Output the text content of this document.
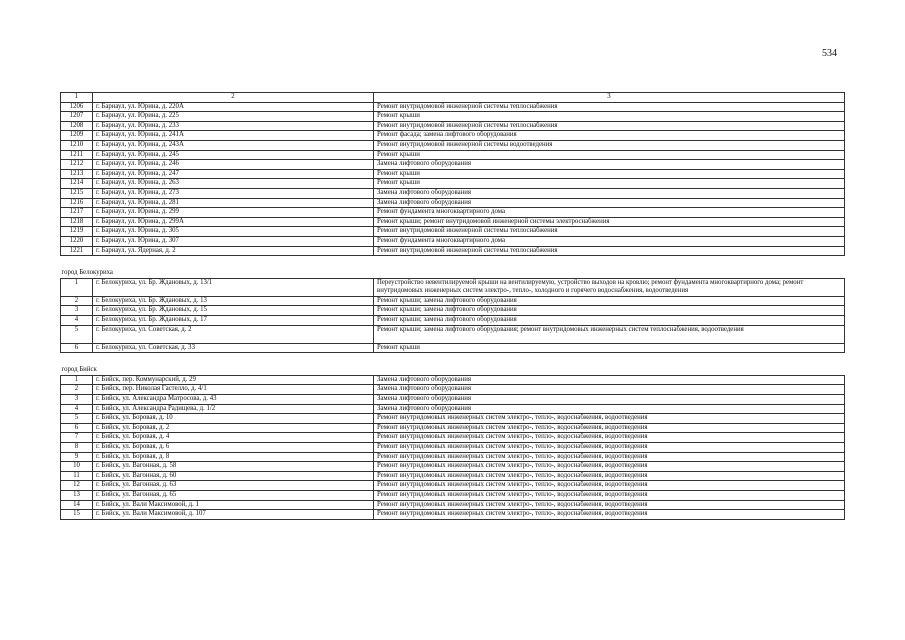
534
1	2	3
1206	г. Барнаул, ул. Юрина, д. 220А	Ремонт внутридомовой инженерной системы теплоснабжения
1207	г. Барнаул, ул. Юрина, д. 225	Ремонт крыши
1208	г. Барнаул, ул. Юрина, д. 233	Ремонт внутридомовой инженерной системы теплоснабжения
1209	г. Барнаул, ул. Юрина, д. 241А	Ремонт фасада; замена лифтового оборудования
1210	г. Барнаул, ул. Юрина, д. 243А	Ремонт внутридомовой инженерной системы водоотведения
1211	г. Барнаул, ул. Юрина, д. 245	Ремонт крыши
1212	г. Барнаул, ул. Юрина, д. 246	Замена лифтового оборудования
1213	г. Барнаул, ул. Юрина, д. 247	Ремонт крыши
1214	г. Барнаул, ул. Юрина, д. 263	Ремонт крыши
1215	г. Барнаул, ул. Юрина, д. 273	Замена лифтового оборудования
1216	г. Барнаул, ул. Юрина, д. 281	Замена лифтового оборудования
1217	г. Барнаул, ул. Юрина, д. 299	Ремонт фундамента многоквартирного дома
1218	г. Барнаул, ул. Юрина, д. 299А	Ремонт крыши; ремонт внутридомовой инженерной системы электроснабжения
1219	г. Барнаул, ул. Юрина, д. 305	Ремонт внутридомовой инженерной системы теплоснабжения
1220	г. Барнаул, ул. Юрина, д. 307	Ремонт фундамента многоквартирного дома
1221	г. Барнаул, ул. Ядерная, д. 2	Ремонт внутридомовой инженерной системы теплоснабжения
город Белокуриха		
1	г. Белокуриха, ул. Бр. Ждановых, д. 13/1	Переустройство невентилируемой крыши на вентилируемую, устройство выходов на кровлю; ремонт фундамента многоквартирного дома; ремонт внутридомовых инженерных систем электро-, тепло-, холодного и горячего водоснабжения, водоотведения
2	г. Белокуриха, ул. Бр. Ждановых, д. 13	Ремонт крыши; замена лифтового оборудования
3	г. Белокуриха, ул. Бр. Ждановых, д. 15	Ремонт крыши; замена лифтового оборудования
4	г. Белокуриха, ул. Бр. Ждановых, д. 17	Ремонт крыши; замена лифтового оборудования
5	г. Белокуриха, ул. Советская, д. 2	Ремонт крыши; замена лифтового оборудования; ремонт внутридомовых инженерных систем теплоснабжения, водоотведения
6	г. Белокуриха, ул. Советская, д. 33	Ремонт крыши
город Бийск		
1	г. Бийск, пер. Коммунарский, д. 29	Замена лифтового оборудования
2	г. Бийск, пер. Николая Гастелло, д. 4/1	Замена лифтового оборудования
3	г. Бийск, ул. Александра Матросова, д. 43	Замена лифтового оборудования
4	г. Бийск, ул. Александра Радищева, д. 1/2	Замена лифтового оборудования
5	г. Бийск, ул. Боровая, д. 10	Ремонт внутридомовых инженерных систем электро-, тепло-, водоснабжения, водоотведения
6	г. Бийск, ул. Боровая, д. 2	Ремонт внутридомовых инженерных систем электро-, тепло-, водоснабжения, водоотведения
7	г. Бийск, ул. Боровая, д. 4	Ремонт внутридомовых инженерных систем электро-, тепло-, водоснабжения, водоотведения
8	г. Бийск, ул. Боровая, д. 6	Ремонт внутридомовых инженерных систем электро-, тепло-, водоснабжения, водоотведения
9	г. Бийск, ул. Боровая, д. 8	Ремонт внутридомовых инженерных систем электро-, тепло-, водоснабжения, водоотведения
10	г. Бийск, ул. Вагонная, д. 58	Ремонт внутридомовых инженерных систем электро-, тепло-, водоснабжения, водоотведения
11	г. Бийск, ул. Вагонная, д. 60	Ремонт внутридомовых инженерных систем электро-, тепло-, водоснабжения, водоотведения
12	г. Бийск, ул. Вагонная, д. 63	Ремонт внутридомовых инженерных систем электро-, тепло-, водоснабжения, водоотведения
13	г. Бийск, ул. Вагонная, д. 65	Ремонт внутридомовых инженерных систем электро-, тепло-, водоснабжения, водоотведения
14	г. Бийск, ул. Вали Максимовой, д. 1	Ремонт внутридомовых инженерных систем электро-, тепло-, водоснабжения, водоотведения
15	г. Бийск, ул. Вали Максимовой, д. 107	Ремонт внутридомовых инженерных систем электро-, тепло-, водоснабжения, водоотведения
